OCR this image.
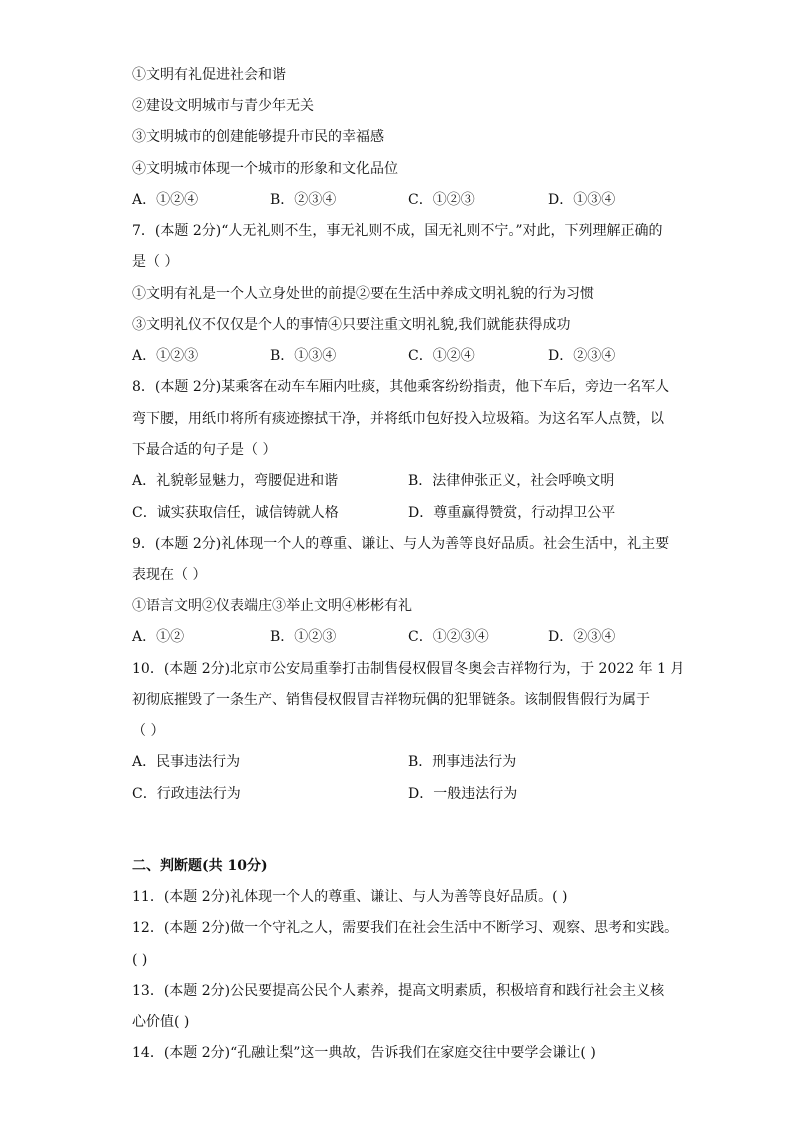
①文明有礼促进社会和谐
②建设文明城市与青少年无关
③文明城市的创建能够提升市民的幸福感
④文明城市体现一个城市的形象和文化品位
A．①②④	B．②③④	C．①②③	D．①③④
7．(本题 2分)“人无礼则不生，事无礼则不成，国无礼则不宁。”对此，下列理解正确的
是（ ）
①文明有礼是一个人立身处世的前提②要在生活中养成文明礼貌的行为习惯
③文明礼仪不仅仅是个人的事情④只要注重文明礼貌,我们就能获得成功
A．①②③	B．①③④	C．①②④	D．②③④
8．(本题 2分)某乘客在动车车厢内吐痰，其他乘客纷纷指责，他下车后，旁边一名军人
弯下腰，用纸巾将所有痰迹擦拭干净，并将纸巾包好投入垃圾箱。为这名军人点赞，以
下最合适的句子是（ ）
A．礼貌彰显魅力，弯腰促进和谐	B．法律伸张正义，社会呼唤文明
C．诚实获取信任，诚信铸就人格	D．尊重赢得赞赏，行动捍卫公平
9．(本题 2分)礼体现一个人的尊重、谦让、与人为善等良好品质。社会生活中，礼主要
表现在（ ）
①语言文明②仪表端庄③举止文明④彬彬有礼
A．①②	B．①②③	C．①②③④	D．②③④
10．(本题 2分)北京市公安局重拳打击制售侵权假冒冬奥会吉祥物行为，于 2022 年 1 月
初彻底摧毁了一条生产、销售侵权假冒吉祥物玩偶的犯罪链条。该制假售假行为属于
（ ）
A．民事违法行为	B．刑事违法行为
C．行政违法行为	D．一般违法行为
二、判断题(共 10分)
11．(本题 2分)礼体现一个人的尊重、谦让、与人为善等良好品质。( )
12．(本题 2分)做一个守礼之人，需要我们在社会生活中不断学习、观察、思考和实践。
( )
13．(本题 2分)公民要提高公民个人素养，提高文明素质，积极培育和践行社会主义核
心价值( )
14．(本题 2分)“孔融让梨”这一典故，告诉我们在家庭交往中要学会谦让( )
